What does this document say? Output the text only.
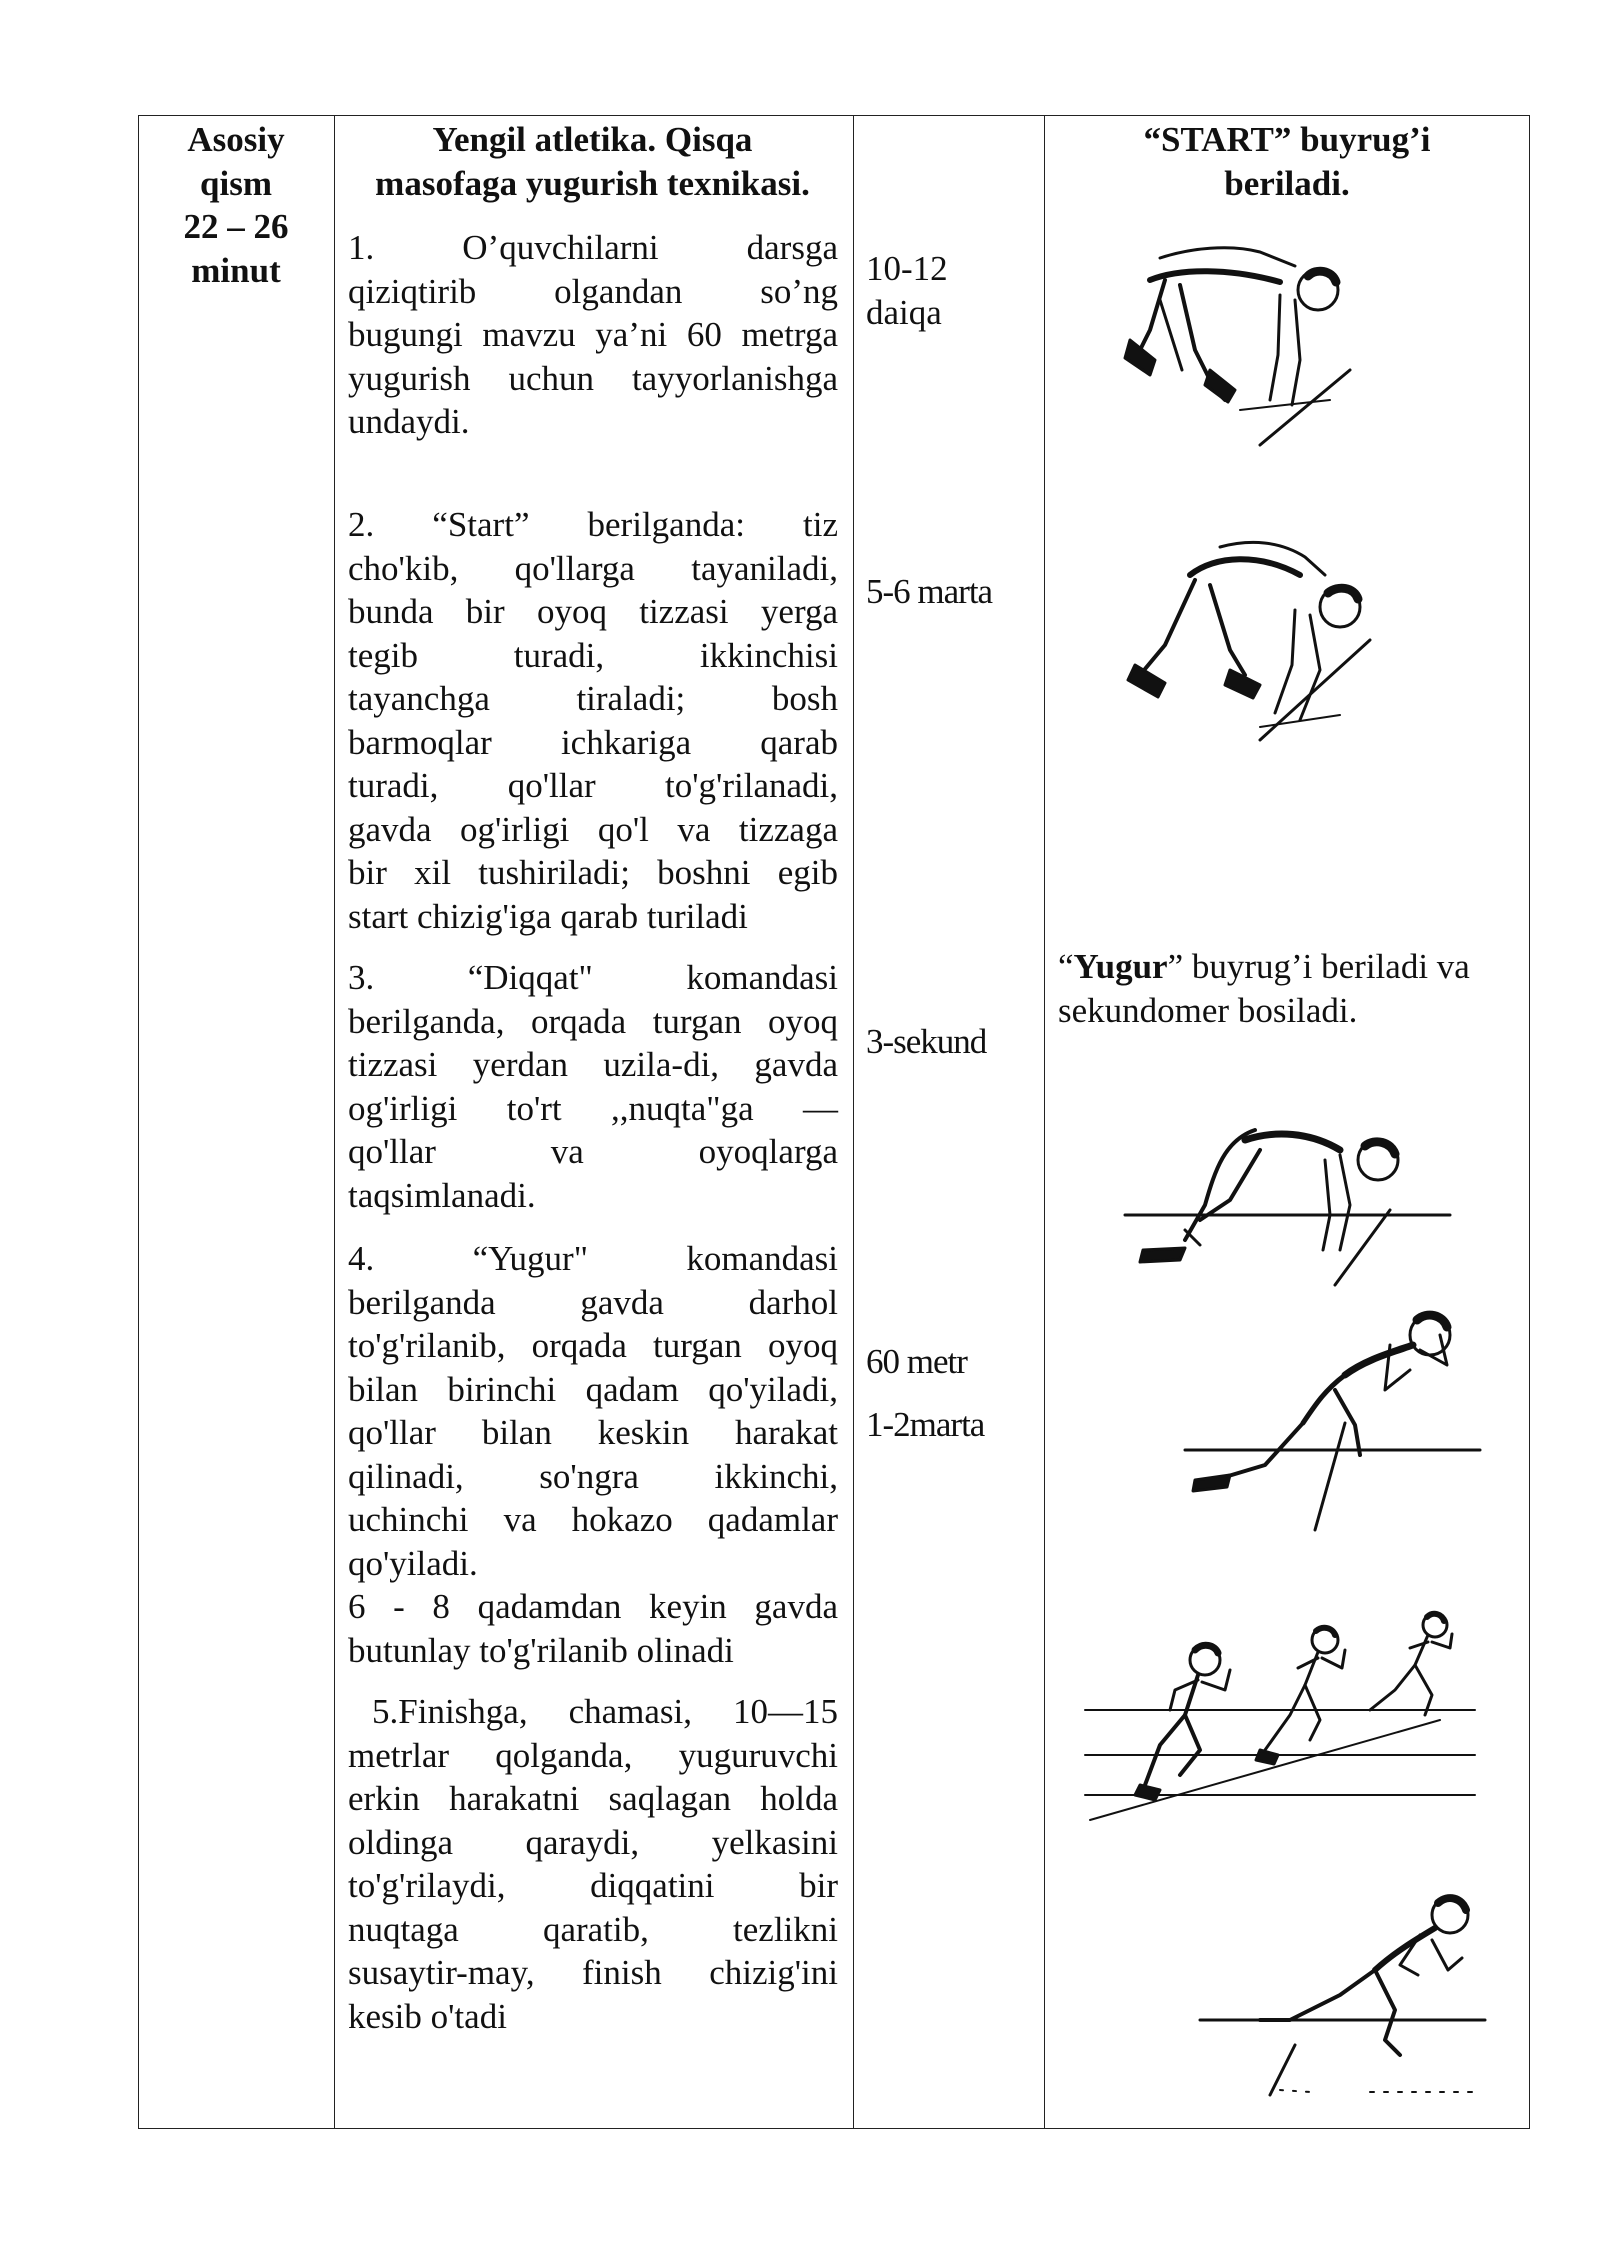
Asosiy
qism
22 – 26
minut
Yengil atletika. Qisqa
masofaga yugurish texnikasi.
1. O’quvchilarni darsga
qiziqtirib olgandan so’ng
bugungi mavzu ya’ni 60 metrga
yugurish uchun tayyorlanishga
undaydi.
2. “Start” berilganda: tiz
cho'kib, qo'llarga tayaniladi,
bunda bir oyoq tizzasi yerga
tegib turadi, ikkinchisi
tayanchga tiraladi; bosh
barmoqlar ichkariga qarab
turadi, qo'llar to'g'rilanadi,
gavda og'irligi qo'l va tizzaga
bir xil tushiriladi; boshni egib
start chizig'iga qarab turiladi
3. “Diqqat" komandasi
berilganda, orqada turgan oyoq
tizzasi yerdan uzila-di, gavda
og'irligi to'rt ,,nuqta"ga —
qo'llar va oyoqlarga
taqsimlanadi.
4. “Yugur" komandasi
berilganda gavda darhol
to'g'rilanib, orqada turgan oyoq
bilan birinchi qadam qo'yiladi,
qo'llar bilan keskin harakat
qilinadi, so'ngra ikkinchi,
uchinchi va hokazo qadamlar
qo'yiladi.
6 - 8 qadamdan keyin gavda
butunlay to'g'rilanib olinadi
5.Finishga, chamasi, 10—15
metrlar qolganda, yuguruvchi
erkin harakatni saqlagan holda
oldinga qaraydi, yelkasini
to'g'rilaydi, diqqatini bir
nuqtaga qaratib, tezlikni
susaytir-may, finish chizig'ini
kesib o'tadi
10-12
daiqa
5-6 marta
3-sekund
60 metr
1-2marta
“START” buyrug’i
beriladi.
“Yugur” buyrug’i beriladi va
sekundomer bosiladi.
